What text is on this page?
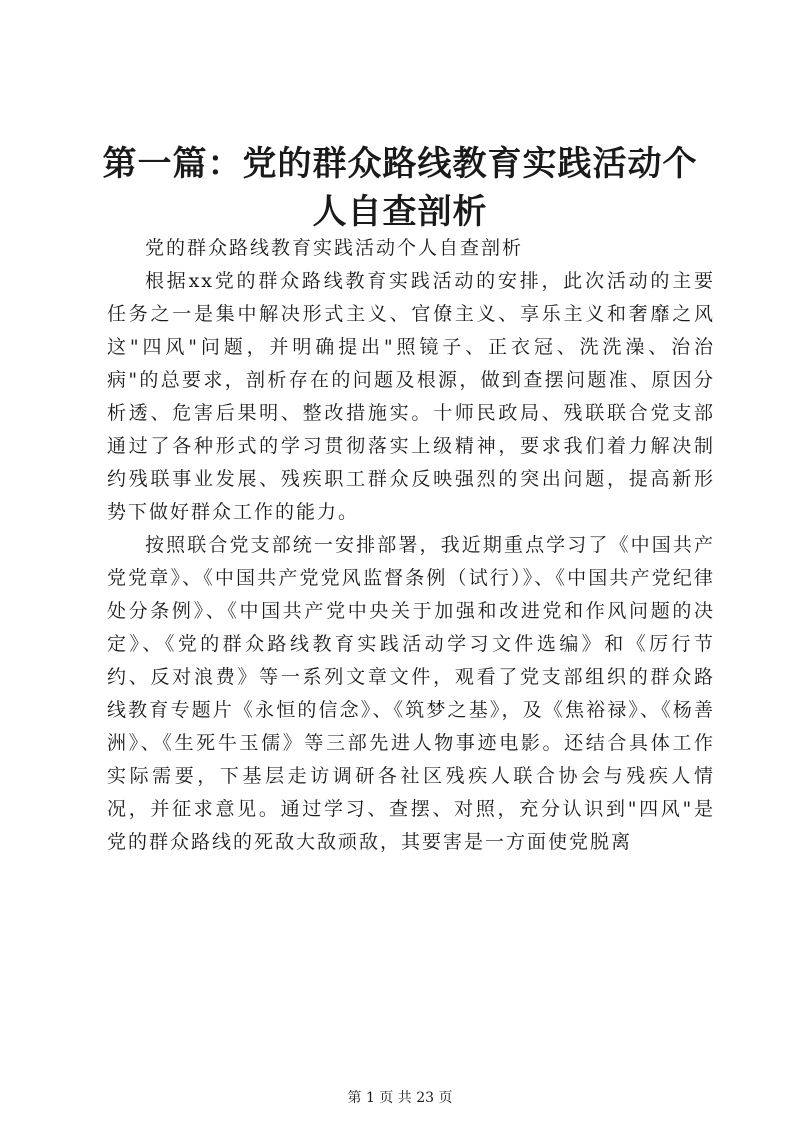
第一篇：党的群众路线教育实践活动个人自查剖析

党的群众路线教育实践活动个人自查剖析

根据xx党的群众路线教育实践活动的安排，此次活动的主要任务之一是集中解决形式主义、官僚主义、享乐主义和奢靡之风这"四风"问题，并明确提出"照镜子、正衣冠、洗洗澡、治治病"的总要求，剖析存在的问题及根源，做到查摆问题准、原因分析透、危害后果明、整改措施实。十师民政局、残联联合党支部通过了各种形式的学习贯彻落实上级精神，要求我们着力解决制约残联事业发展、残疾职工群众反映强烈的突出问题，提高新形势下做好群众工作的能力。

按照联合党支部统一安排部署，我近期重点学习了《中国共产党党章》、《中国共产党党风监督条例（试行）》、《中国共产党纪律处分条例》、《中国共产党中央关于加强和改进党和作风问题的决定》、《党的群众路线教育实践活动学习文件选编》和《厉行节约、反对浪费》等一系列文章文件，观看了党支部组织的群众路线教育专题片《永恒的信念》、《筑梦之基》，及《焦裕禄》、《杨善洲》、《生死牛玉儒》等三部先进人物事迹电影。还结合具体工作实际需要，下基层走访调研各社区残疾人联合协会与残疾人情况，并征求意见。通过学习、查摆、对照，充分认识到"四风"是党的群众路线的死敌大敌顽敌，其要害是一方面使党脱离

第 1 页 共 23 页
